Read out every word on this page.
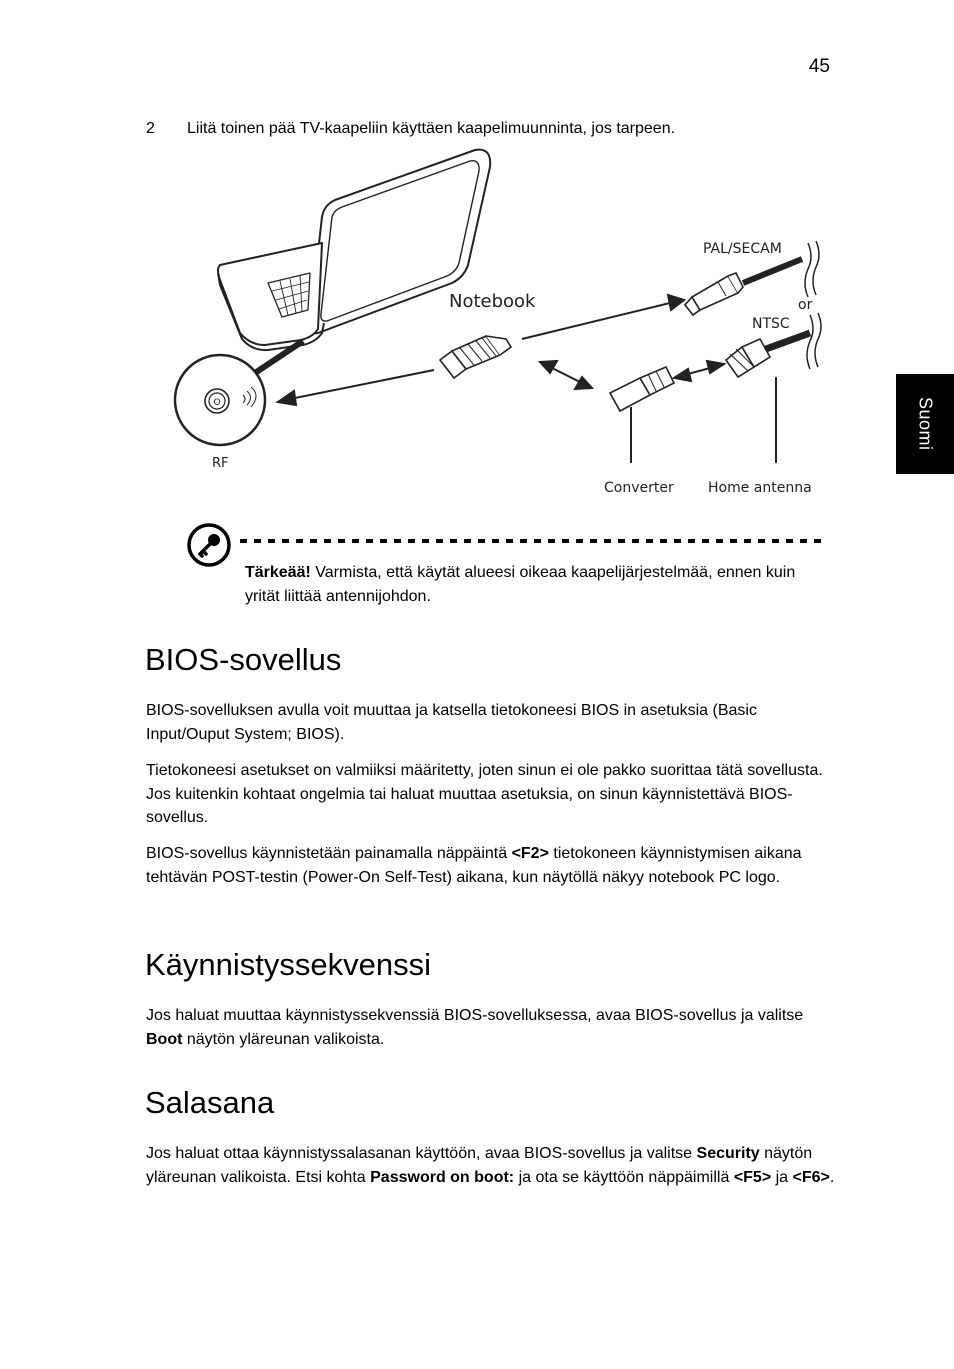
45
Suomi
2 Liitä toinen pää TV-kaapeliin käyttäen kaapelimuunninta, jos tarpeen.
O
RF
Notebook
PAL/SECAM
or
NTSC
Converter Home antenna
Tärkeää! Varmista, että käytät alueesi oikeaa kaapelijärjestelmää, ennen kuin yrität liittää antennijohdon.
BIOS-sovellus

BIOS-sovelluksen avulla voit muuttaa ja katsella tietokoneesi BIOS in asetuksia (Basic Input/Ouput System; BIOS).

Tietokoneesi asetukset on valmiiksi määritetty, joten sinun ei ole pakko suorittaa tätä sovellusta. Jos kuitenkin kohtaat ongelmia tai haluat muuttaa asetuksia, on sinun käynnistettävä BIOS-sovellus.

BIOS-sovellus käynnistetään painamalla näppäintä <F2> tietokoneen käynnistymisen aikana tehtävän POST-testin (Power-On Self-Test) aikana, kun näytöllä näkyy notebook PC logo.

Käynnistyssekvenssi

Jos haluat muuttaa käynnistyssekvenssiä BIOS-sovelluksessa, avaa BIOS-sovellus ja valitse Boot näytön yläreunan valikoista.

Salasana

Jos haluat ottaa käynnistyssalasanan käyttöön, avaa BIOS-sovellus ja valitse Security näytön yläreunan valikoista. Etsi kohta Password on boot: ja ota se käyttöön näppäimillä <F5> ja <F6>.
